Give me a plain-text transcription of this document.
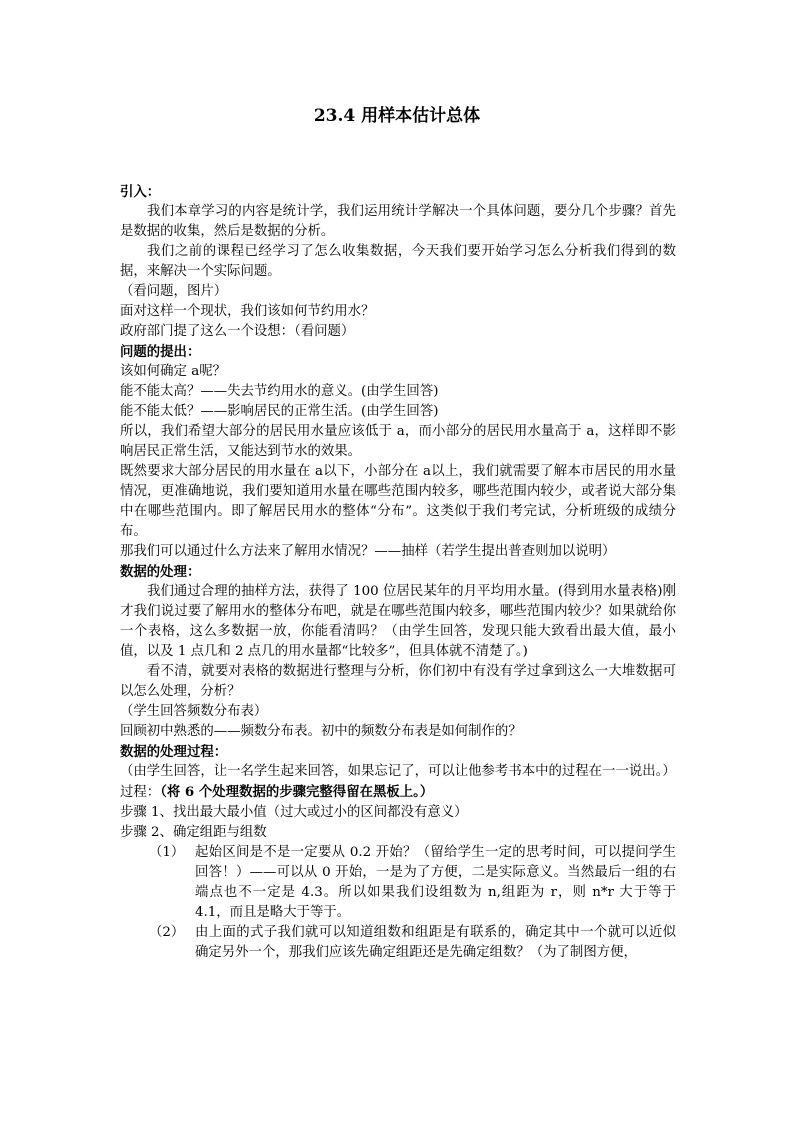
23.4 用样本估计总体

引入：

我们本章学习的内容是统计学，我们运用统计学解决一个具体问题，要分几个步骤？首先是数据的收集，然后是数据的分析。

我们之前的课程已经学习了怎么收集数据，今天我们要开始学习怎么分析我们得到的数据，来解决一个实际问题。

（看问题，图片）

面对这样一个现状，我们该如何节约用水？

政府部门提了这么一个设想：（看问题）

问题的提出：

该如何确定 a呢？

能不能太高？——失去节约用水的意义。(由学生回答)

能不能太低？——影响居民的正常生活。(由学生回答)

所以，我们希望大部分的居民用水量应该低于 a，而小部分的居民用水量高于 a，这样即不影响居民正常生活，又能达到节水的效果。

既然要求大部分居民的用水量在 a以下，小部分在 a以上，我们就需要了解本市居民的用水量情况，更准确地说，我们要知道用水量在哪些范围内较多，哪些范围内较少，或者说大部分集中在哪些范围内。即了解居民用水的整体“分布”。这类似于我们考完试，分析班级的成绩分布。

那我们可以通过什么方法来了解用水情况？——抽样（若学生提出普查则加以说明）

数据的处理：

我们通过合理的抽样方法，获得了 100 位居民某年的月平均用水量。(得到用水量表格)刚才我们说过要了解用水的整体分布吧，就是在哪些范围内较多，哪些范围内较少？如果就给你一个表格，这么多数据一放，你能看清吗？（由学生回答，发现只能大致看出最大值，最小值，以及 1 点几和 2 点几的用水量都“比较多”，但具体就不清楚了。)

看不清，就要对表格的数据进行整理与分析，你们初中有没有学过拿到这么一大堆数据可以怎么处理，分析？

（学生回答频数分布表）

回顾初中熟悉的——频数分布表。初中的频数分布表是如何制作的？

数据的处理过程：

（由学生回答，让一名学生起来回答，如果忘记了，可以让他参考书本中的过程在一一说出。）

过程：（将 6 个处理数据的步骤完整得留在黑板上。）

步骤 1、找出最大最小值（过大或过小的区间都没有意义）

步骤 2、确定组距与组数

（1） 起始区间是不是一定要从 0.2 开始？（留给学生一定的思考时间，可以提问学生回答！）——可以从 0 开始，一是为了方便，二是实际意义。当然最后一组的右端点也不一定是 4.3。所以如果我们设组数为 n,组距为 r，则 n*r 大于等于 4.1，而且是略大于等于。
（2） 由上面的式子我们就可以知道组数和组距是有联系的，确定其中一个就可以近似确定另外一个，那我们应该先确定组距还是先确定组数？（为了制图方便，
